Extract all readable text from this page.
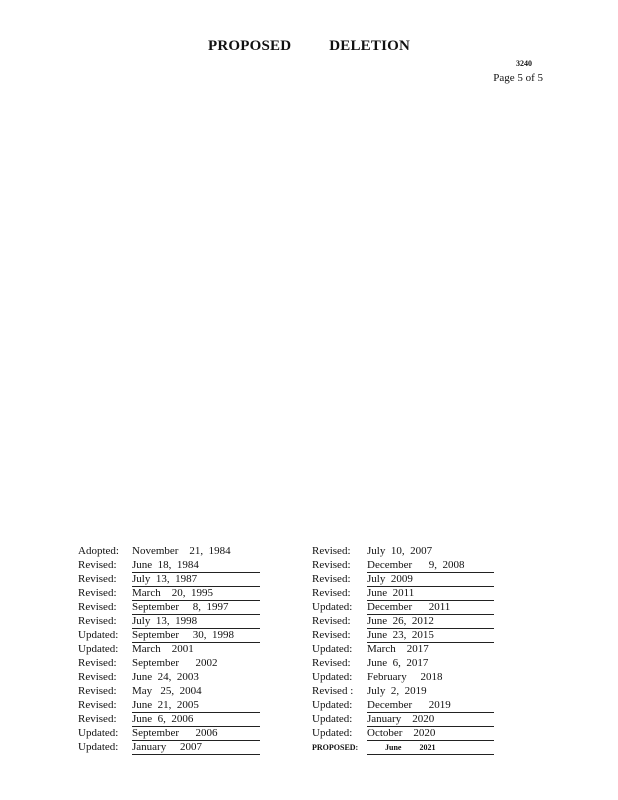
PROPOSED	DELETION
3240
Page 5 of 5
Adopted:	November    21,  1984
Revised:	June  18,  1984
Revised:	July  13,  1987
Revised:	March    20,  1995
Revised:	September     8,  1997
Revised:	July  13,  1998
Updated:	September     30,  1998
Updated:	March    2001
Revised:	September      2002
Revised:	June  24,  2003
Revised:	May   25,  2004
Revised:	June  21,  2005
Revised:	June  6,  2006
Updated:	September      2006
Updated:	January     2007
Revised:	July  10,  2007
Revised:	December      9,  2008
Revised:	July  2009
Revised:	June  2011
Updated:	December      2011
Revised:	June  26,  2012
Revised:	June  23,  2015
Updated:	March    2017
Revised:	June  6,  2017
Updated:	February     2018
Revised :	July  2,  2019
Updated:	December      2019
Updated:	January    2020
Updated:	October    2020
PROPOSED:	June         2021
